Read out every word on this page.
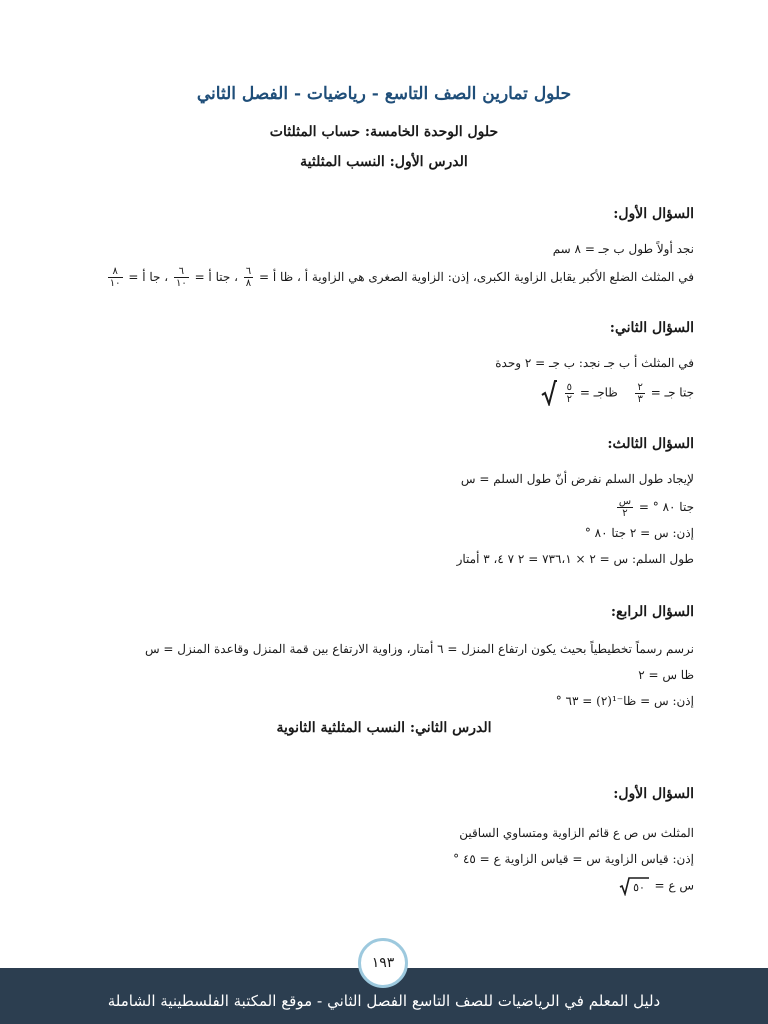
حلول تمارين الصف التاسع - رياضيات - الفصل الثاني
حلول الوحدة الخامسة: حساب المثلثات
الدرس الأول: النسب المثلثية
السؤال الأول:
نجد أولاً طول ب جـ = ٨ سم
في المثلث الضلع الأكبر يقابل الزاوية الكبرى، إذن: الزاوية الصغرى هي الزاوية أ ، ظا أ =
$\frac{٦}{٨}$
، جتا أ =
$\frac{٦}{١٠}$
، جا أ =
$\frac{٨}{١٠}$
السؤال الثاني:
في المثلث أ ب جـ نجد: ب جـ = ٢ وحدة
جتا جـ =
$\frac{٢}{٣}$
ظاجـ =
$\frac{٥}{٢}$

السؤال الثالث:
لإيجاد طول السلم نفرض أنّ طول السلم = س
جتا ٨٠ ° =
$\frac{\text{س}}{٢}$
إذن: س = ٢ جتا ٨٠ °
طول السلم: س = ٢ × ٧٣٦،١ = ٢ ٧ ٤، ٣ أمتار
السؤال الرابع:
نرسم رسماً تخطيطياً بحيث يكون ارتفاع المنزل = ٦ أمتار، وزاوية الارتفاع بين قمة المنزل وقاعدة المنزل = س
ظا س = ٢
إذن: س = ظا⁻¹(٢) = ٦٣ °
الدرس الثاني: النسب المثلثية الثانوية
السؤال الأول:
المثلث س ص ع قائم الزاوية ومتساوي الساقين
إذن: قياس الزاوية س = قياس الزاوية ع = ٤٥ °
س ع =
٥٠
١٩٣
دليل المعلم في الرياضيات للصف التاسع الفصل الثاني - موقع المكتبة الفلسطينية الشاملة
